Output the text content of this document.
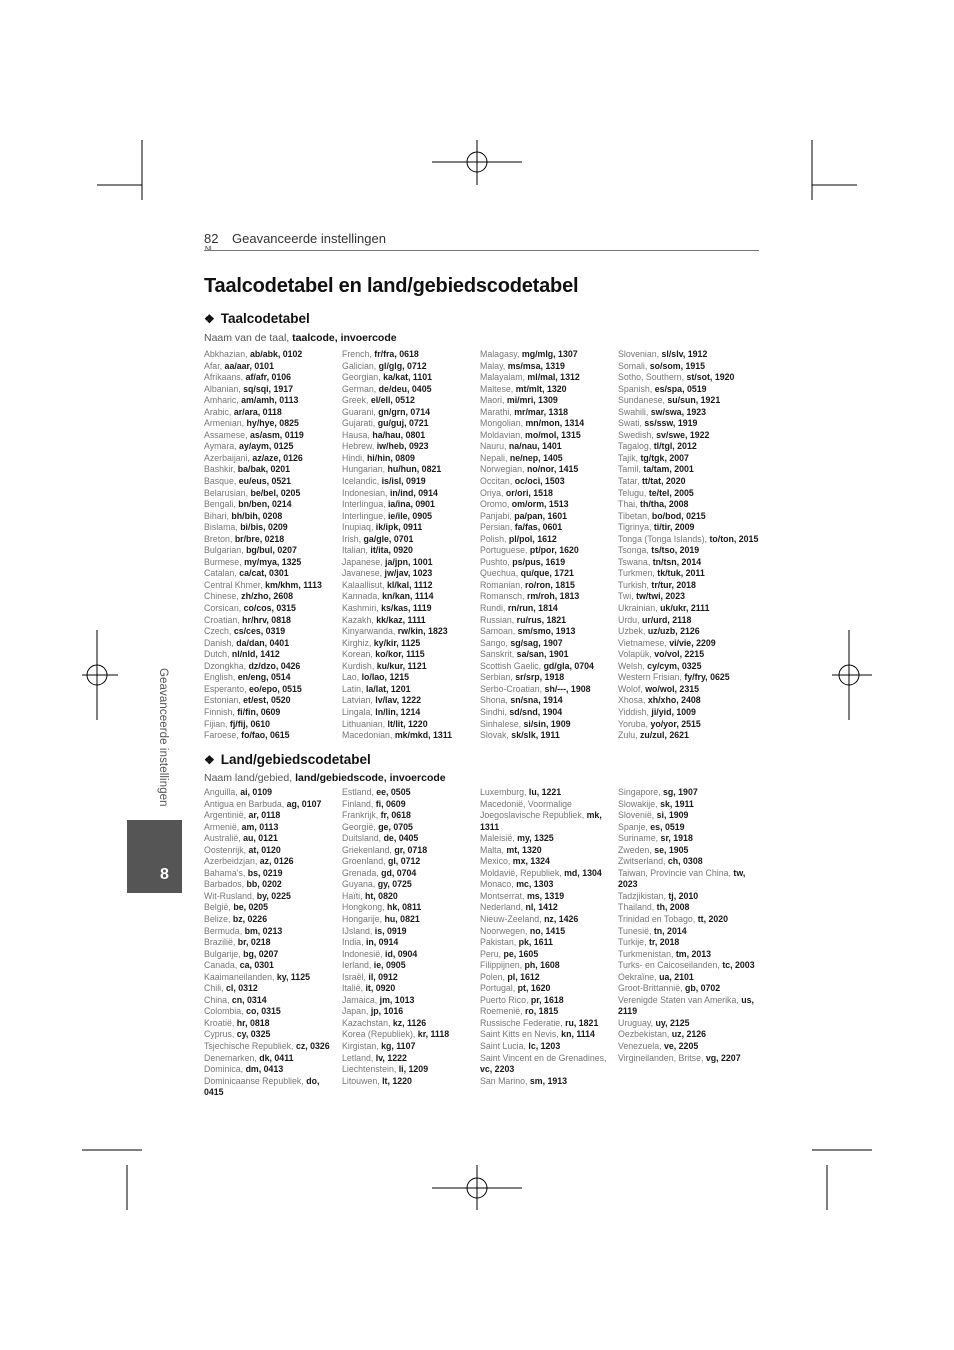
82
Nl
Geavanceerde instellingen
Taalcodetabel en land/gebiedscodetabel
❖ Taalcodetabel
Naam van de taal, taalcode, invoercode
Abkhazian, ab/abk, 0102
Afar, aa/aar, 0101
Afrikaans, af/afr, 0106
Albanian, sq/sqi, 1917
Amharic, am/amh, 0113
Arabic, ar/ara, 0118
Armenian, hy/hye, 0825
Assamese, as/asm, 0119
Aymara, ay/aym, 0125
Azerbaijani, az/aze, 0126
Bashkir, ba/bak, 0201
Basque, eu/eus, 0521
Belarusian, be/bel, 0205
Bengali, bn/ben, 0214
Bihari, bh/bih, 0208
Bislama, bi/bis, 0209
Breton, br/bre, 0218
Bulgarian, bg/bul, 0207
Burmese, my/mya, 1325
Catalan, ca/cat, 0301
Central Khmer, km/khm, 1113
Chinese, zh/zho, 2608
Corsican, co/cos, 0315
Croatian, hr/hrv, 0818
Czech, cs/ces, 0319
Danish, da/dan, 0401
Dutch, nl/nld, 1412
Dzongkha, dz/dzo, 0426
English, en/eng, 0514
Esperanto, eo/epo, 0515
Estonian, et/est, 0520
Finnish, fi/fin, 0609
Fijian, fj/fij, 0610
Faroese, fo/fao, 0615
French, fr/fra, 0618
Galician, gl/glg, 0712
Georgian, ka/kat, 1101
German, de/deu, 0405
Greek, el/ell, 0512
Guarani, gn/grn, 0714
Gujarati, gu/guj, 0721
Hausa, ha/hau, 0801
Hebrew, iw/heb, 0923
Hindi, hi/hin, 0809
Hungarian, hu/hun, 0821
Icelandic, is/isl, 0919
Indonesian, in/ind, 0914
Interlingua, ia/ina, 0901
Interlingue, ie/ile, 0905
Inupiaq, ik/ipk, 0911
Irish, ga/gle, 0701
Italian, it/ita, 0920
Japanese, ja/jpn, 1001
Javanese, jw/jav, 1023
Kalaallisut, kl/kal, 1112
Kannada, kn/kan, 1114
Kashmiri, ks/kas, 1119
Kazakh, kk/kaz, 1111
Kinyarwanda, rw/kin, 1823
Kirghiz, ky/kir, 1125
Korean, ko/kor, 1115
Kurdish, ku/kur, 1121
Lao, lo/lao, 1215
Latin, la/lat, 1201
Latvian, lv/lav, 1222
Lingala, ln/lin, 1214
Lithuanian, lt/lit, 1220
Macedonian, mk/mkd, 1311
Malagasy, mg/mlg, 1307
Malay, ms/msa, 1319
Malayalam, ml/mal, 1312
Maltese, mt/mlt, 1320
Maori, mi/mri, 1309
Marathi, mr/mar, 1318
Mongolian, mn/mon, 1314
Moldavian, mo/mol, 1315
Nauru, na/nau, 1401
Nepali, ne/nep, 1405
Norwegian, no/nor, 1415
Occitan, oc/oci, 1503
Oriya, or/ori, 1518
Oromo, om/orm, 1513
Panjabi, pa/pan, 1601
Persian, fa/fas, 0601
Polish, pl/pol, 1612
Portuguese, pt/por, 1620
Pushto, ps/pus, 1619
Quechua, qu/que, 1721
Romanian, ro/ron, 1815
Romansch, rm/roh, 1813
Rundi, rn/run, 1814
Russian, ru/rus, 1821
Samoan, sm/smo, 1913
Sango, sg/sag, 1907
Sanskrit, sa/san, 1901
Scottish Gaelic, gd/gla, 0704
Serbian, sr/srp, 1918
Serbo-Croatian, sh/---, 1908
Shona, sn/sna, 1914
Sindhi, sd/snd, 1904
Sinhalese, si/sin, 1909
Slovak, sk/slk, 1911
Slovenian, sl/slv, 1912
Somali, so/som, 1915
Sotho, Southern, st/sot, 1920
Spanish, es/spa, 0519
Sundanese, su/sun, 1921
Swahili, sw/swa, 1923
Swati, ss/ssw, 1919
Swedish, sv/swe, 1922
Tagalog, tl/tgl, 2012
Tajik, tg/tgk, 2007
Tamil, ta/tam, 2001
Tatar, tt/tat, 2020
Telugu, te/tel, 2005
Thai, th/tha, 2008
Tibetan, bo/bod, 0215
Tigrinya, ti/tir, 2009
Tonga (Tonga Islands), to/ton, 2015
Tsonga, ts/tso, 2019
Tswana, tn/tsn, 2014
Turkmen, tk/tuk, 2011
Turkish, tr/tur, 2018
Twi, tw/twi, 2023
Ukrainian, uk/ukr, 2111
Urdu, ur/urd, 2118
Uzbek, uz/uzb, 2126
Vietnamese, vi/vie, 2209
Volapük, vo/vol, 2215
Welsh, cy/cym, 0325
Western Frisian, fy/fry, 0625
Wolof, wo/wol, 2315
Xhosa, xh/xho, 2408
Yiddish, ji/yid, 1009
Yoruba, yo/yor, 2515
Zulu, zu/zul, 2621
❖ Land/gebiedscodetabel
Naam land/gebied, land/gebiedscode, invoercode
Anguilla, ai, 0109
Antigua en Barbuda, ag, 0107
Argentinië, ar, 0118
Armenië, am, 0113
Australië, au, 0121
Oostenrijk, at, 0120
Azerbeidzjan, az, 0126
Bahama's, bs, 0219
Barbados, bb, 0202
Wit-Rusland, by, 0225
België, be, 0205
Belize, bz, 0226
Bermuda, bm, 0213
Brazilië, br, 0218
Bulgarije, bg, 0207
Canada, ca, 0301
Kaaimaneilanden, ky, 1125
Chili, cl, 0312
China, cn, 0314
Colombia, co, 0315
Kroatië, hr, 0818
Cyprus, cy, 0325
Tsjechische Republiek, cz, 0326
Denemarken, dk, 0411
Dominica, dm, 0413
Dominicaanse Republiek, do, 0415
Estland, ee, 0505
Finland, fi, 0609
Frankrijk, fr, 0618
Georgië, ge, 0705
Duitsland, de, 0405
Griekenland, gr, 0718
Groenland, gl, 0712
Grenada, gd, 0704
Guyana, gy, 0725
Haïti, ht, 0820
Hongkong, hk, 0811
Hongarije, hu, 0821
IJsland, is, 0919
India, in, 0914
Indonesië, id, 0904
Ierland, ie, 0905
Israël, il, 0912
Italië, it, 0920
Jamaica, jm, 1013
Japan, jp, 1016
Kazachstan, kz, 1126
Korea (Republiek), kr, 1118
Kirgistan, kg, 1107
Letland, lv, 1222
Liechtenstein, li, 1209
Litouwen, lt, 1220
Luxemburg, lu, 1221
Macedonië, Voormalige Joegoslavische Republiek, mk, 1311
Maleisië, my, 1325
Malta, mt, 1320
Mexico, mx, 1324
Moldavië, Republiek, md, 1304
Monaco, mc, 1303
Montserrat, ms, 1319
Nederland, nl, 1412
Nieuw-Zeeland, nz, 1426
Noorwegen, no, 1415
Pakistan, pk, 1611
Peru, pe, 1605
Filippijnen, ph, 1608
Polen, pl, 1612
Portugal, pt, 1620
Puerto Rico, pr, 1618
Roemenië, ro, 1815
Russische Federatie, ru, 1821
Saint Kitts en Nevis, kn, 1114
Saint Lucia, lc, 1203
Saint Vincent en de Grenadines, vc, 2203
San Marino, sm, 1913
Singapore, sg, 1907
Slowakije, sk, 1911
Slovenië, si, 1909
Spanje, es, 0519
Suriname, sr, 1918
Zweden, se, 1905
Zwitserland, ch, 0308
Taiwan, Provincie van China, tw, 2023
Tadzjikistan, tj, 2010
Thailand, th, 2008
Trinidad en Tobago, tt, 2020
Tunesië, tn, 2014
Turkije, tr, 2018
Turkmenistan, tm, 2013
Turks- en Caicoseilanden, tc, 2003
Oekraïne, ua, 2101
Groot-Brittannië, gb, 0702
Verenigde Staten van Amerika, us, 2119
Uruguay, uy, 2125
Oezbekistan, uz, 2126
Venezuela, ve, 2205
Virgineilanden, Britse, vg, 2207
Geavanceerde instellingen
8
